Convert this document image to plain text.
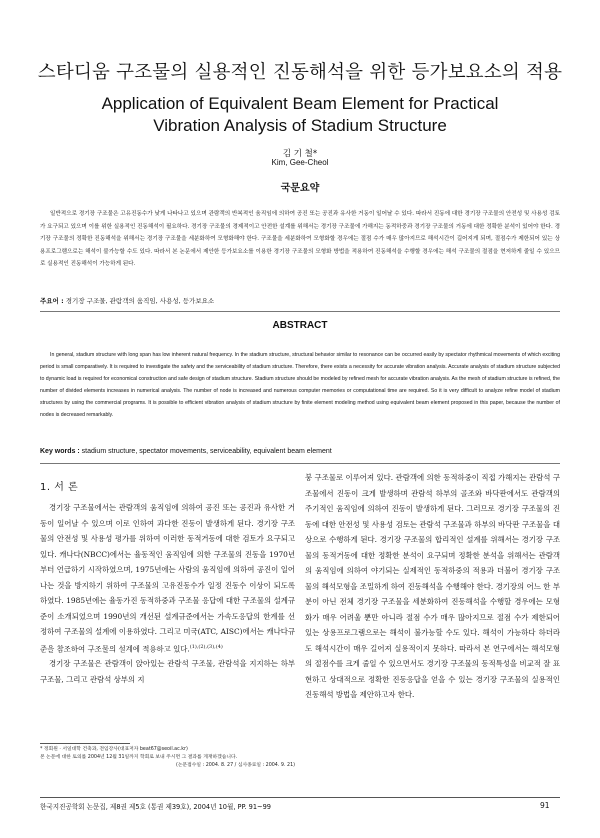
스타디움 구조물의 실용적인 진동해석을 위한 등가보요소의 적용
Application of Equivalent Beam Element for Practical
Vibration Analysis of Stadium Structure
김 기 철*
Kim, Gee-Cheol
국문요약
일반적으로 경기장 구조물은 고유진동수가 낮게 나타나고 있으며 관람객의 반복적인 움직임에 의하여 공진 또는 공진과 유사한 거동이 일어날 수 있다. 따라서 진동에 대한 경기장 구조물의 안전성 및 사용성 검토가 요구되고 있으며 이를 위한 실용적인 진동해석이 필요하다. 경기장 구조물의 경제적이고 안전한 설계를 위해서는 경기장 구조물에 가해지는 동적하중과 경기장 구조물의 거동에 대한 정확한 분석이 있어야 한다. 경기장 구조물의 정확한 진동해석을 위해서는 경기장 구조물을 세분화하여 모형화해야 한다. 구조물을 세분화하여 모형화할 경우에는 절점 수가 매우 많아지므로 해석시간이 길어지게 되며, 절점수가 제한되어 있는 상용프로그램으로는 해석이 불가능할 수도 있다. 따라서 본 논문에서 제안한 등가보요소를 이용한 경기장 구조물의 모형화 방법을 적용하여 진동해석을 수행할 경우에는 해석 구조물의 절점을 현저하게 줄일 수 있으므로 실용적인 진동해석이 가능하게 된다.
주요어 : 경기장 구조물, 관람객의 움직임, 사용성, 등가보요소
ABSTRACT
In general, stadium structure with long span has low inherent natural frequency. In the stadium structure, structural behavior similar to resonance can be occurred easily by spectator rhythmical movements of which exciting period is small comparatively. It is required to investigate the safety and the serviceability of stadium structure. Therefore, there exists a necessity for accurate vibration analysis. Accurate analysis of stadium structure subjected to dynamic load is required for economical construction and safe design of stadium structure. Stadium structure should be modeled by refined mesh for accurate vibration analysis. As the mesh of stadium structure is refined, the number of divided elements increases in numerical analysis. The number of node is increased and numerous computer memories or computational time are required. So it is very difficult to analyze refine model of stadium structures by using the commercial programs. It is possible to efficient vibration analysis of stadium structure by finite element modeling method using equivalent beam element proposed in this paper, because the number of nodes is decreased remarkably.
Key words : stadium structure, spectator movements, serviceability, equivalent beam element
1. 서 론

경기장 구조물에서는 관람객의 움직임에 의하여 공진 또는 공진과 유사한 거동이 일어날 수 있으며 이로 인하여 과다한 진동이 발생하게 된다. 경기장 구조물의 안전성 및 사용성 평가를 위하여 이러한 동적거동에 대한 검토가 요구되고 있다. 캐나다(NBCC)에서는 율동적인 움직임에 의한 구조물의 진동을 1970년부터 언급하기 시작하였으며, 1975년에는 사람의 움직임에 의하여 공진이 일어나는 것을 방지하기 위하여 구조물의 고유진동수가 일정 진동수 이상이 되도록 하였다. 1985년에는 율동가진 동적하중과 구조물 응답에 대한 구조물의 설계규준이 소개되었으며 1990년의 개선된 설계규준에서는 가속도응답의 한계를 선정하여 구조물의 설계에 이용하였다. 그리고 미국(ATC, AISC)에서는 캐나다규준을 참조하여 구조물의 설계에 적용하고 있다.$^{(1),(2),(3),(4)}$

경기장 구조물은 관람객이 앉아있는 관람석 구조물, 관람석을 지지하는 하부 구조물, 그리고 관람석 상부의 지

붕 구조물로 이루어져 있다. 관람객에 의한 동적하중이 직접 가해지는 관람석 구조물에서 진동이 크게 발생하며 관람석 하부의 골조와 바닥판에서도 관람객의 주기적인 움직임에 의하여 진동이 발생하게 된다. 그러므로 경기장 구조물의 진동에 대한 안전성 및 사용성 검토는 관람석 구조물과 하부의 바닥판 구조물을 대상으로 수행하게 된다. 경기장 구조물의 합리적인 설계를 위해서는 경기장 구조물의 동적거동에 대한 정확한 분석이 요구되며 정확한 분석을 위해서는 관람객의 움직임에 의하여 야기되는 실제적인 동적하중의 적용과 더불어 경기장 구조물의 해석모형을 조밀하게 하여 진동해석을 수행해야 한다. 경기장의 어느 한 부분이 아닌 전체 경기장 구조물을 세분화하여 진동해석을 수행할 경우에는 모형화가 매우 어려울 뿐만 아니라 절점 수가 매우 많아지므로 절점 수가 제한되어 있는 상용프로그램으로는 해석이 불가능할 수도 있다. 해석이 가능하다 하더라도 해석시간이 매우 길어져 실용적이지 못하다. 따라서 본 연구에서는 해석모형의 절점수를 크게 줄일 수 있으면서도 경기장 구조물의 동적특성을 비교적 잘 표현하고 상대적으로 정확한 진동응답을 얻을 수 있는 경기장 구조물의 실용적인 진동해석 방법을 제안하고자 한다.

* 정회원 · 서일대학 건축과, 전임강사(대표저자 beat67@seoil.ac.kr)
본 논문에 대한 토의를 2004년 12월 31일까지 학회로 보내 주시면 그 결과를 게재하겠습니다.
(논문접수일 : 2004. 8. 27 / 심사종료일 : 2004. 9. 21)
한국지진공학회 논문집, 제8권 제5호 (통권 제39호), 2004년 10월, PP. 91~99	91
